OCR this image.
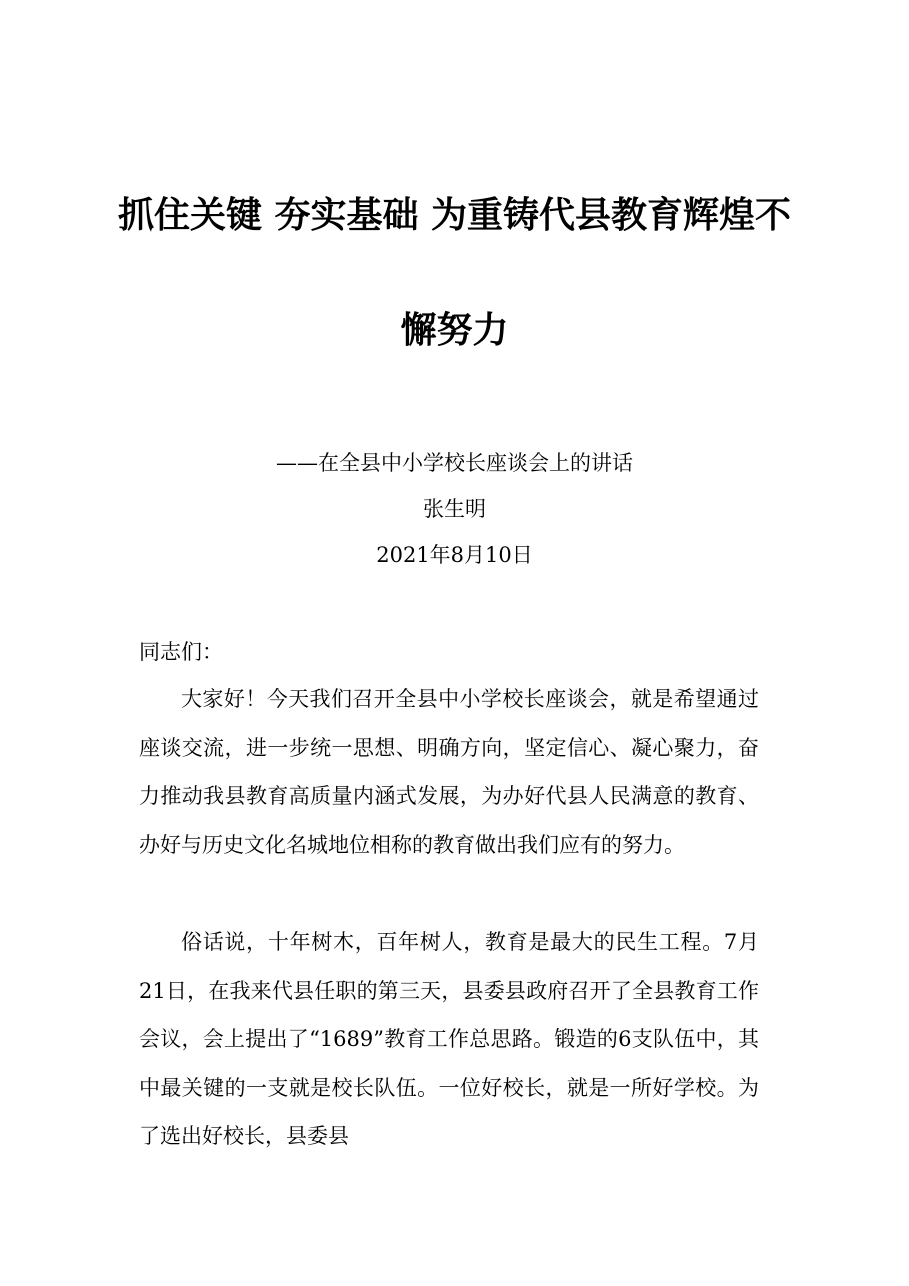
抓住关键 夯实基础 为重铸代县教育辉煌不
懈努力
——在全县中小学校长座谈会上的讲话
张生明
2021年8月10日
同志们：

大家好！今天我们召开全县中小学校长座谈会，就是希望通过座谈交流，进一步统一思想、明确方向，坚定信心、凝心聚力，奋力推动我县教育高质量内涵式发展，为办好代县人民满意的教育、办好与历史文化名城地位相称的教育做出我们应有的努力。

俗话说，十年树木，百年树人，教育是最大的民生工程。7月21日，在我来代县任职的第三天，县委县政府召开了全县教育工作会议，会上提出了“1689”教育工作总思路。锻造的6支队伍中，其中最关键的一支就是校长队伍。一位好校长，就是一所好学校。为了选出好校长，县委县
